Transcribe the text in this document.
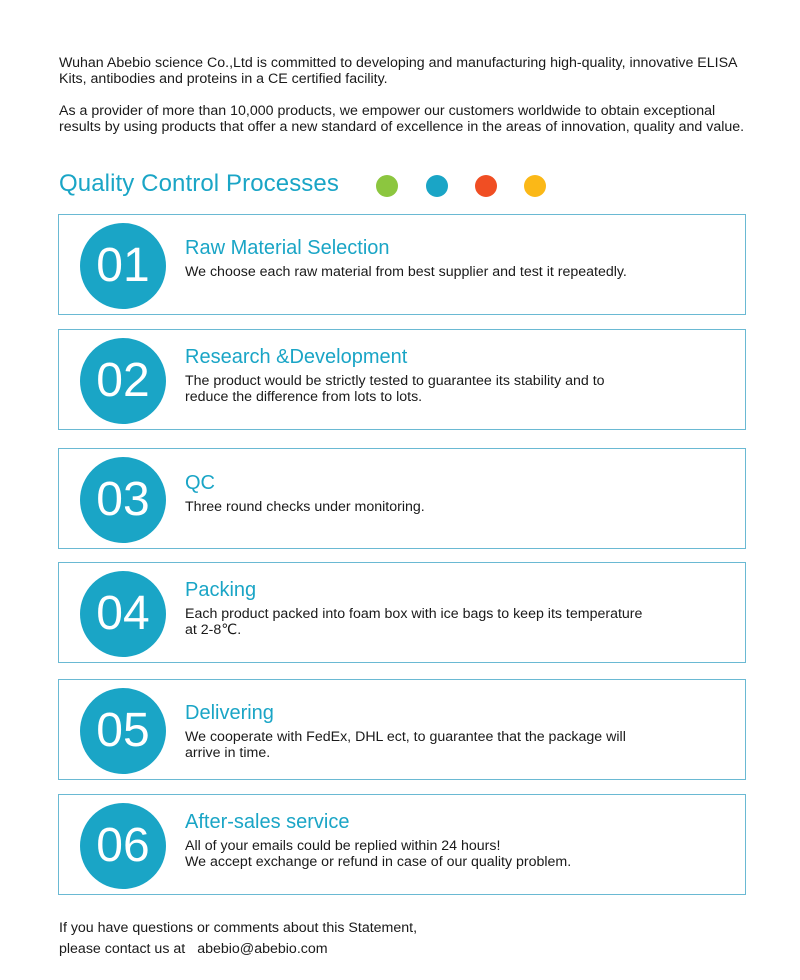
Wuhan Abebio science Co.,Ltd is committed to developing and manufacturing high-quality, innovative ELISA Kits, antibodies and proteins in a CE certified facility.

As a provider of more than 10,000 products, we empower our customers worldwide to obtain exceptional results by using products that offer a new standard of excellence in the areas of innovation, quality and value.

Quality Control Processes
01	Raw Material Selection

We choose each raw material from best supplier and test it repeatedly.

02	Research &Development

The product would be strictly tested to guarantee its stability and to
reduce the difference from lots to lots.

03	QC

Three round checks under monitoring.

04	Packing

Each product packed into foam box with ice bags to keep its temperature
at 2-8℃.

05	Delivering

We cooperate with FedEx, DHL ect, to guarantee that the package will
arrive in time.

06	After-sales service

All of your emails could be replied within 24 hours!
We accept exchange or refund in case of our quality problem.

If you have questions or comments about this Statement,
please contact us at abebio@abebio.com
